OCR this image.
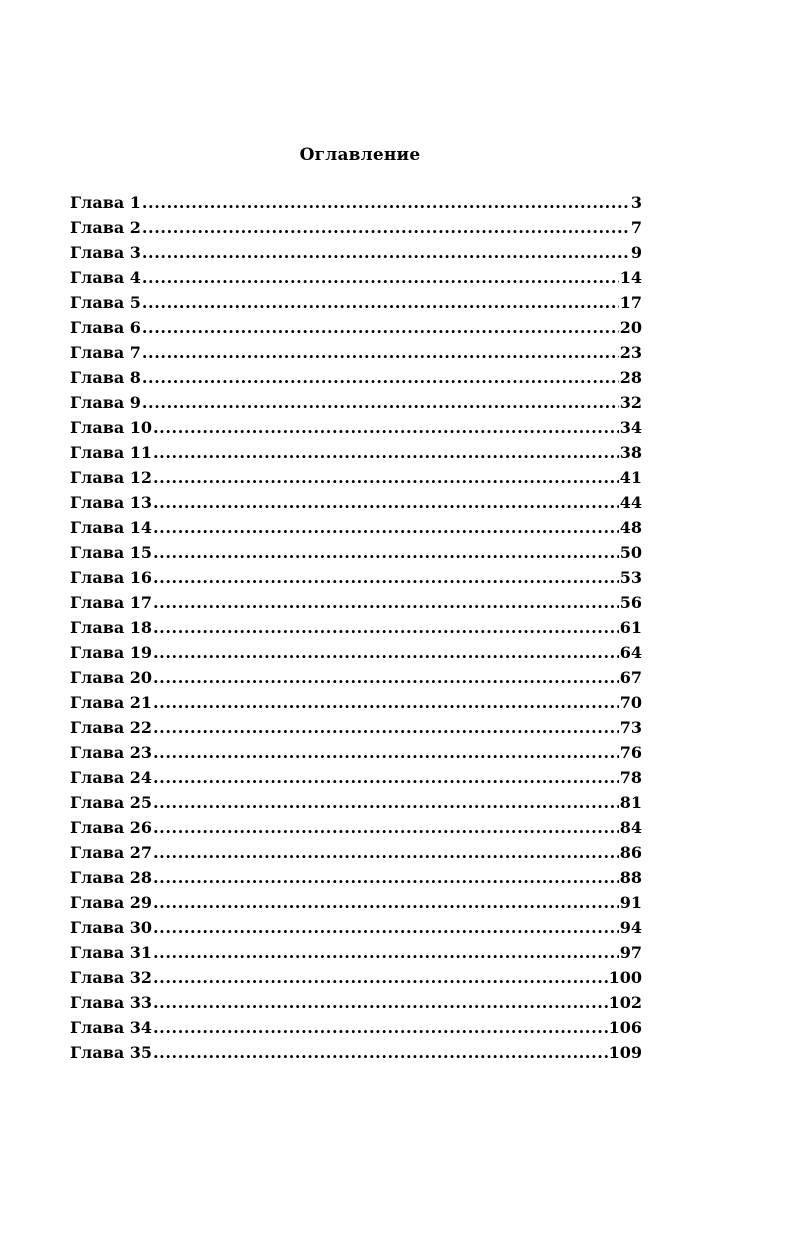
Оглавление
Глава 1 .....	3
Глава 2 .....	7
Глава 3 .....	9
Глава 4 .....	14
Глава 5 .....	17
Глава 6 .....	20
Глава 7 .....	23
Глава 8 .....	28
Глава 9 .....	32
Глава 10 .....	34
Глава 11 .....	38
Глава 12 .....	41
Глава 13 .....	44
Глава 14 .....	48
Глава 15 .....	50
Глава 16 .....	53
Глава 17 .....	56
Глава 18 .....	61
Глава 19 .....	64
Глава 20 .....	67
Глава 21 .....	70
Глава 22 .....	73
Глава 23 .....	76
Глава 24 .....	78
Глава 25 .....	81
Глава 26 .....	84
Глава 27 .....	86
Глава 28 .....	88
Глава 29 .....	91
Глава 30 .....	94
Глава 31 .....	97
Глава 32 .....	100
Глава 33 .....	102
Глава 34 .....	106
Глава 35 .....	109
